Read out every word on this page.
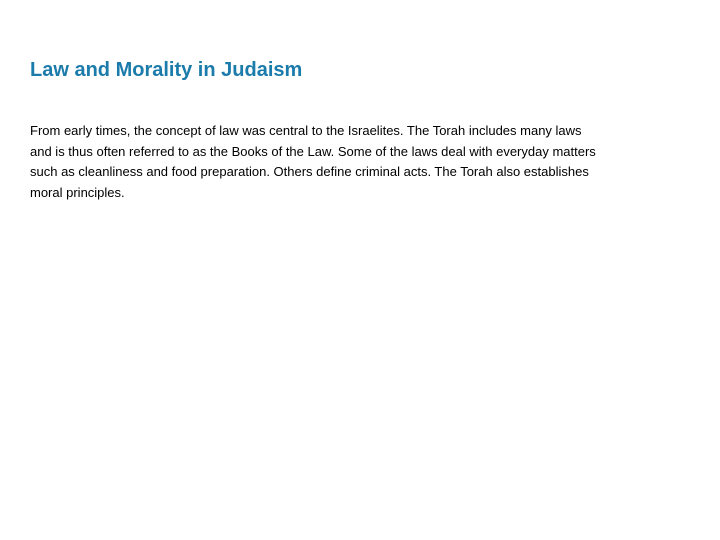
Law and Morality in Judaism

From early times, the concept of law was central to the Israelites. The Torah includes many laws and is thus often referred to as the Books of the Law. Some of the laws deal with everyday matters such as cleanliness and food preparation. Others define criminal acts. The Torah also establishes moral principles.
